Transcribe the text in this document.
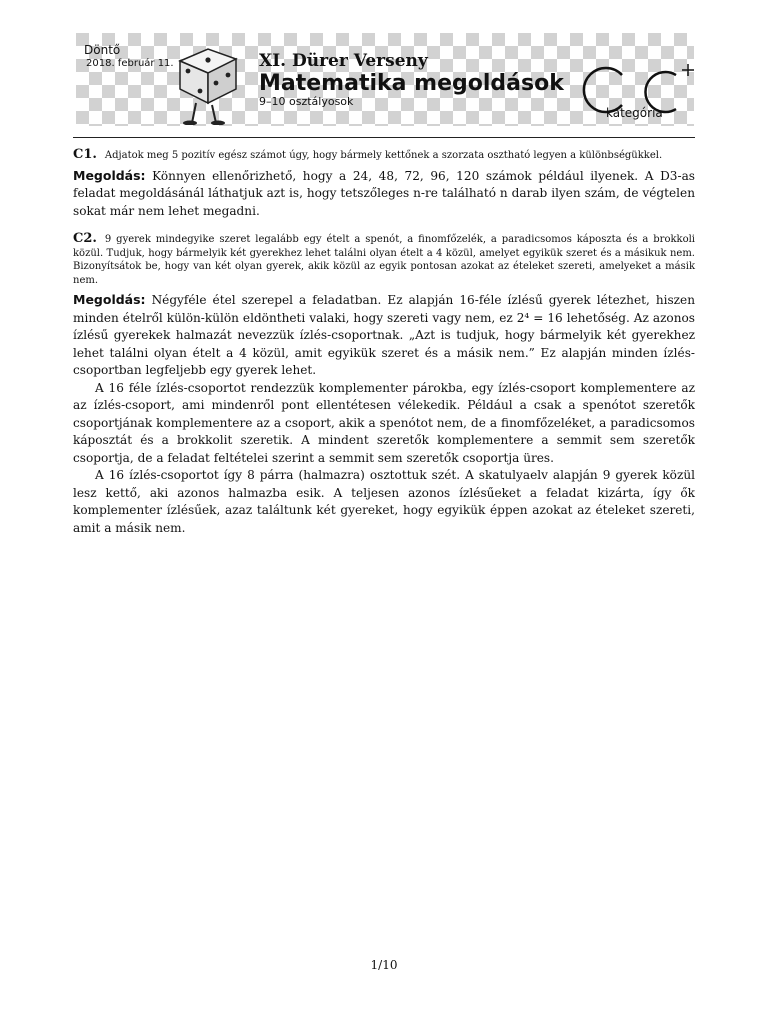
Döntő
2018. február 11.	XI. Dürer Verseny
Matematika megoldások
9–10 osztályosok
kategória

C1. Adjatok meg 5 pozitív egész számot úgy, hogy bármely kettőnek a szorzata osztható legyen a különbségükkel.

Megoldás: Könnyen ellenőrizhető, hogy a 24, 48, 72, 96, 120 számok például ilyenek. A D3-as feladat megoldásánál láthatjuk azt is, hogy tetszőleges n-re található n darab ilyen szám, de végtelen sokat már nem lehet megadni.

C2. 9 gyerek mindegyike szeret legalább egy ételt a spenót, a finomfőzelék, a paradicsomos káposzta és a brokkoli közül. Tudjuk, hogy bármelyik két gyerekhez lehet találni olyan ételt a 4 közül, amelyet egyikük szeret és a másikuk nem. Bizonyítsátok be, hogy van két olyan gyerek, akik közül az egyik pontosan azokat az ételeket szereti, amelyeket a másik nem.

Megoldás: Négyféle étel szerepel a feladatban. Ez alapján 16-féle ízlésű gyerek létezhet, hiszen minden ételről külön-külön eldöntheti valaki, hogy szereti vagy nem, ez 2⁴ = 16 lehetőség. Az azonos ízlésű gyerekek halmazát nevezzük ízlés-csoportnak. „Azt is tudjuk, hogy bármelyik két gyerekhez lehet találni olyan ételt a 4 közül, amit egyikük szeret és a másik nem.” Ez alapján minden ízlés-csoportban legfeljebb egy gyerek lehet.

A 16 féle ízlés-csoportot rendezzük komplementer párokba, egy ízlés-csoport komplementere az az ízlés-csoport, ami mindenről pont ellentétesen vélekedik. Például a csak a spenótot szeretők csoportjának komplementere az a csoport, akik a spenótot nem, de a finomfőzeléket, a paradicsomos káposztát és a brokkolit szeretik. A mindent szeretők komplementere a semmit sem szeretők csoportja, de a feladat feltételei szerint a semmit sem szeretők csoportja üres.

A 16 ízlés-csoportot így 8 párra (halmazra) osztottuk szét. A skatulyaelv alapján 9 gyerek közül lesz kettő, aki azonos halmazba esik. A teljesen azonos ízlésűeket a feladat kizárta, így ők komplementer ízlésűek, azaz találtunk két gyereket, hogy egyikük éppen azokat az ételeket szereti, amit a másik nem.

1/10
